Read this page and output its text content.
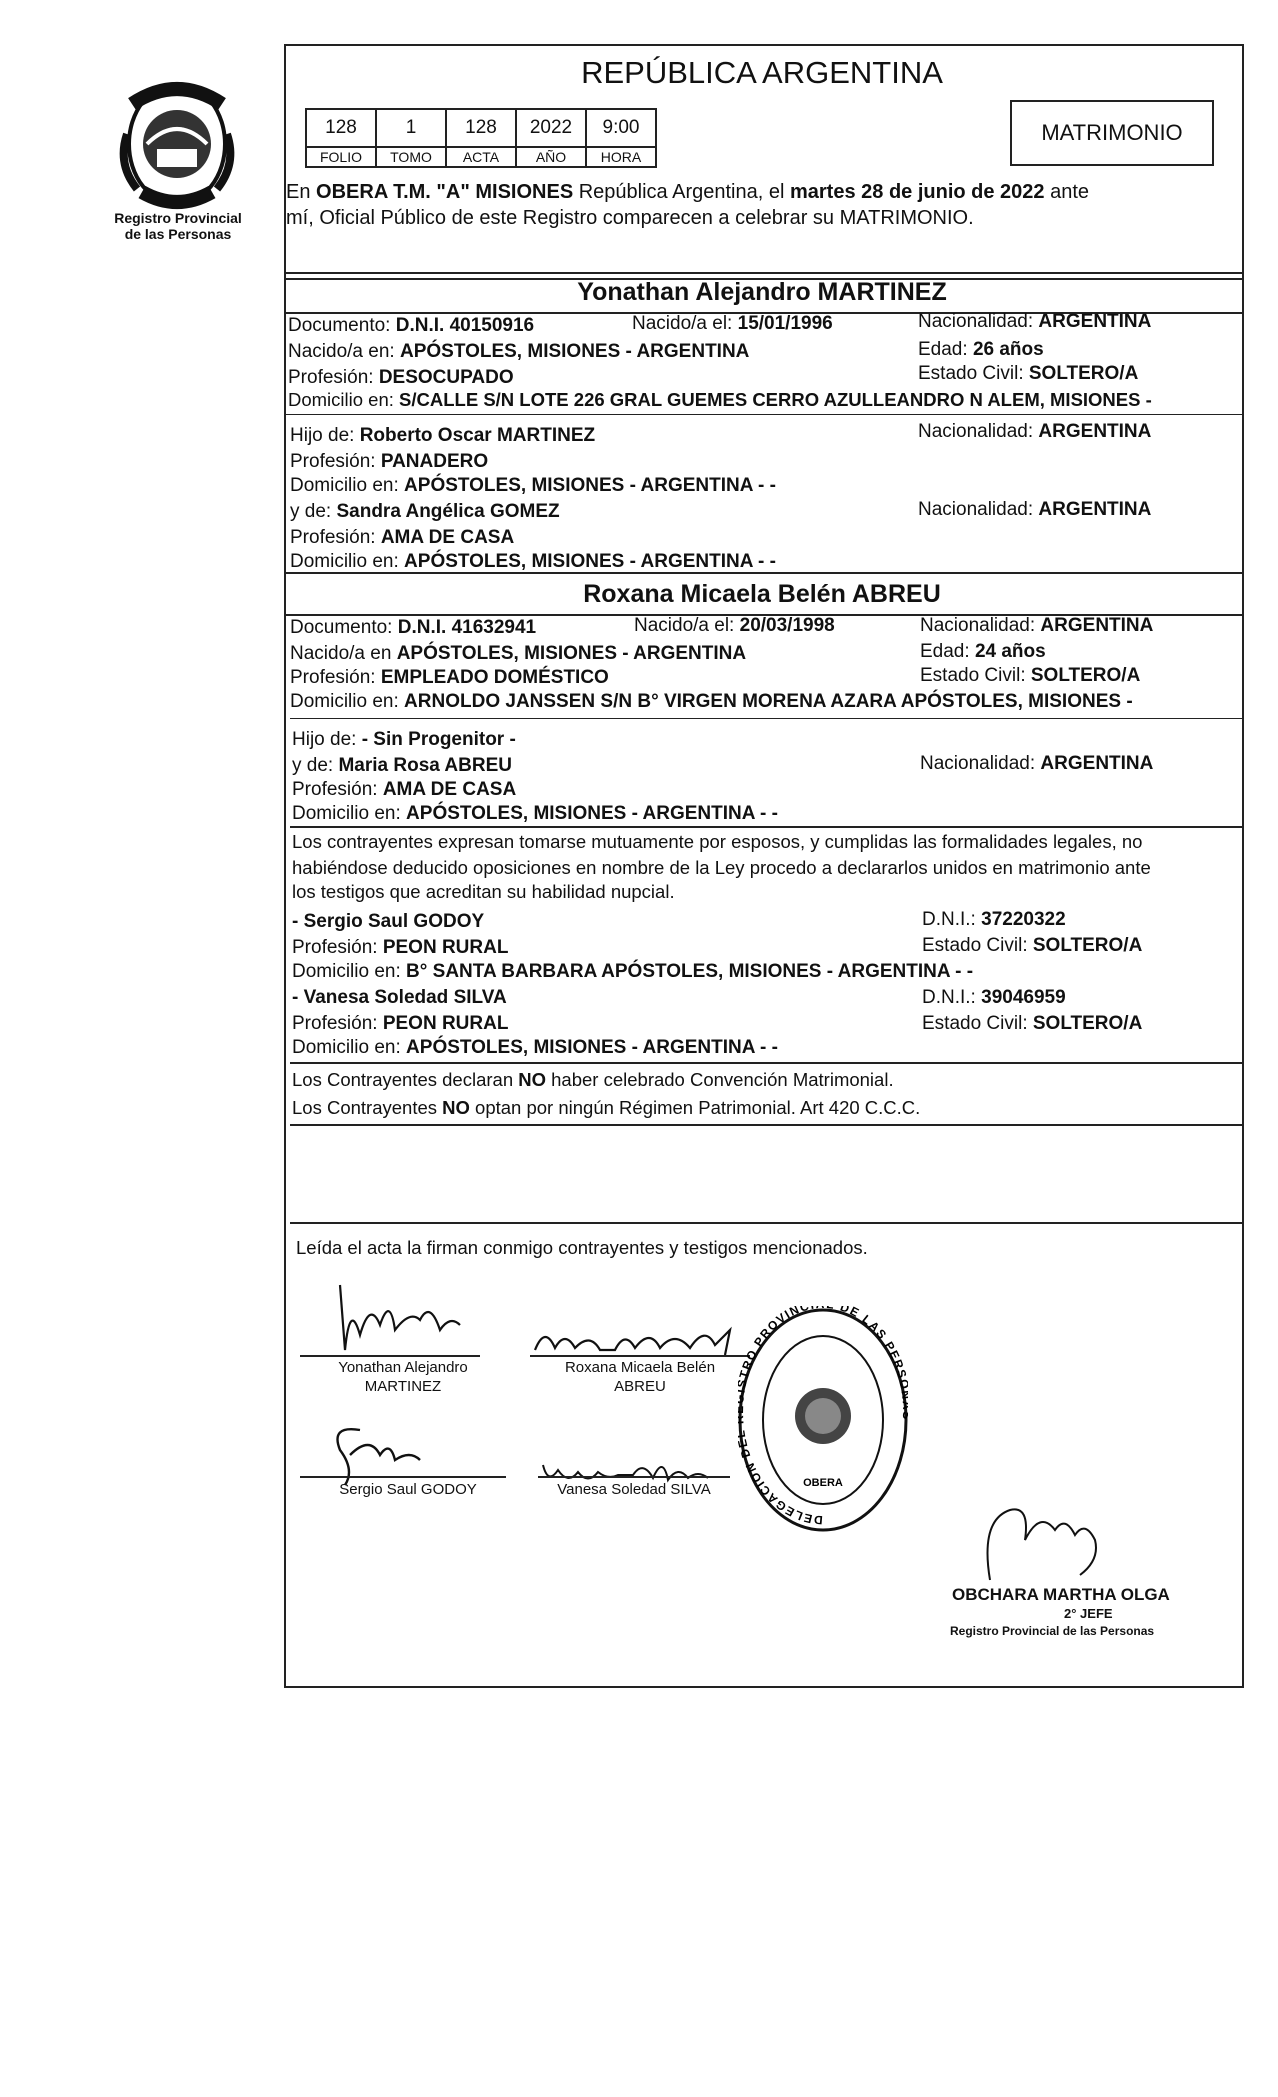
Registro Provincial
de las Personas
REPÚBLICA ARGENTINA
128	1	128	2022	9:00
FOLIO	TOMO	ACTA	AÑO	HORA
MATRIMONIO
En OBERA T.M. "A" MISIONES República Argentina, el martes 28 de junio de 2022 ante
mí, Oficial Público de este Registro comparecen a celebrar su MATRIMONIO.
Yonathan Alejandro MARTINEZ
Documento: D.N.I. 40150916	Nacido/a el: 15/01/1996	Nacionalidad: ARGENTINA
Nacido/a en: APÓSTOLES, MISIONES - ARGENTINA	Edad: 26 años
Profesión: DESOCUPADO	Estado Civil: SOLTERO/A
Domicilio en: S/CALLE S/N LOTE 226 GRAL GUEMES CERRO AZULLEANDRO N ALEM, MISIONES -
Hijo de: Roberto Oscar MARTINEZ	Nacionalidad: ARGENTINA
Profesión: PANADERO
Domicilio en: APÓSTOLES, MISIONES - ARGENTINA - -
y de: Sandra Angélica GOMEZ	Nacionalidad: ARGENTINA
Profesión: AMA DE CASA
Domicilio en: APÓSTOLES, MISIONES - ARGENTINA - -
Roxana Micaela Belén ABREU
Documento: D.N.I. 41632941	Nacido/a el: 20/03/1998	Nacionalidad: ARGENTINA
Nacido/a en APÓSTOLES, MISIONES - ARGENTINA	Edad: 24 años
Profesión: EMPLEADO DOMÉSTICO	Estado Civil: SOLTERO/A
Domicilio en: ARNOLDO JANSSEN S/N B° VIRGEN MORENA AZARA APÓSTOLES, MISIONES -
Hijo de: - Sin Progenitor -
y de: Maria Rosa ABREU	Nacionalidad: ARGENTINA
Profesión: AMA DE CASA
Domicilio en: APÓSTOLES, MISIONES - ARGENTINA - -
Los contrayentes expresan tomarse mutuamente por esposos, y cumplidas las formalidades legales, no
habiéndose deducido oposiciones en nombre de la Ley procedo a declararlos unidos en matrimonio ante
los testigos que acreditan su habilidad nupcial.
- Sergio Saul GODOY	D.N.I.: 37220322
Profesión: PEON RURAL	Estado Civil: SOLTERO/A
Domicilio en: B° SANTA BARBARA APÓSTOLES, MISIONES - ARGENTINA - -
- Vanesa Soledad SILVA	D.N.I.: 39046959
Profesión: PEON RURAL	Estado Civil: SOLTERO/A
Domicilio en: APÓSTOLES, MISIONES - ARGENTINA - -
Los Contrayentes declaran NO haber celebrado Convención Matrimonial.
Los Contrayentes NO optan por ningún Régimen Patrimonial. Art 420 C.C.C.
Leída el acta la firman conmigo contrayentes y testigos mencionados.
Yonathan Alejandro
MARTINEZ
Roxana Micaela Belén
ABREU
Sergio Saul GODOY	Vanesa Soledad SILVA
DELEGACION D TRO PROVINC DE LAS PER
OBERA
OBCHARA MARTHA OLGA
2° JEFE
Registro Provincial de las Personas
